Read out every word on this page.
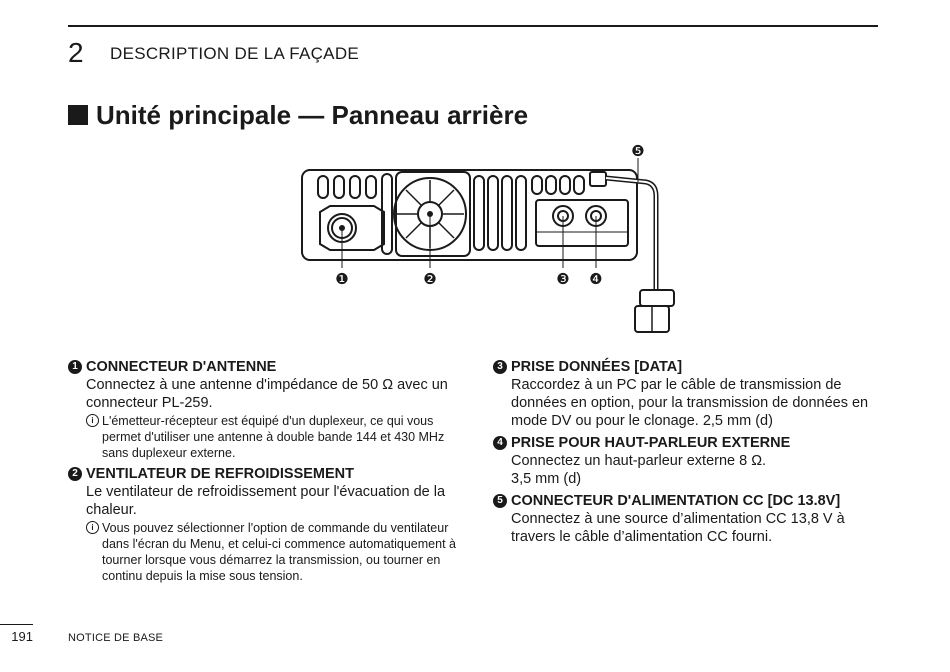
2 DESCRIPTION DE LA FAÇADE
Unité principale — Panneau arrière
❶	❷	❸ ❹
❺
1 CONNECTEUR D'ANTENNE
Connectez à une antenne d'impédance de 50 Ω avec un connecteur PL-259.
i L'émetteur-récepteur est équipé d'un duplexeur, ce qui vous permet d'utiliser une antenne à double bande 144 et 430 MHz sans duplexeur externe.
2 VENTILATEUR DE REFROIDISSEMENT
Le ventilateur de refroidissement pour l'évacuation de la chaleur.
i Vous pouvez sélectionner l'option de commande du ventilateur dans l'écran du Menu, et celui-ci commence automatiquement à tourner lorsque vous démarrez la transmission, ou tourner en continu depuis la mise sous tension.
3 PRISE DONNÉES [DATA]
Raccordez à un PC par le câble de transmission de données en option, pour la transmission de données en mode DV ou pour le clonage. 2,5 mm (d)
4 PRISE POUR HAUT-PARLEUR EXTERNE
Connectez un haut-parleur externe 8 Ω.
3,5 mm (d)
5 CONNECTEUR D'ALIMENTATION CC [DC 13.8V]
Connectez à une source d’alimentation CC 13,8 V à travers le câble d’alimentation CC fourni.
191	NOTICE DE BASE
